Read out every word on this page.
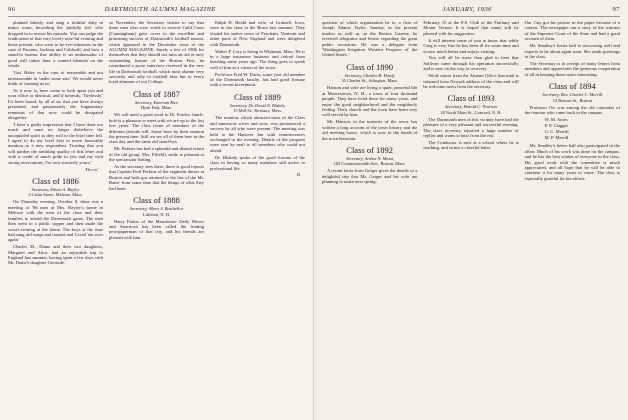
96	DARTMOUTH ALUMNI MAGAZINE

planned bitterly and sang a faithful ditty in minor tones, bewailing the 'pitifully few' who dropped in to rescue his episode. You can judge the vindication of that very lovely note-ful evening and those present, who were to be eye-witnesses in the case of Parsons, Jackson and Caldwell, and how a stand-in bureau that ability is an ambassador of good will rather than a wanted blemish on the whole.

'Gus' Haley in the case of reasonable and not unreasonable in 'under some sets.' We would never think of 'running us in.'

As it now is, have come to look upon you and your office as identical, and if honestly, 'Tirelessly.' It's been found, by all of us, that you have always presented, and passionately the fragmentary remnants of that now could be dissipated altogether.

'I have a guilty impression that I have done too much and must no longer disbelieve the uncapitaled spirit as they will to the brief time left. I agree to do my level best to move honorable mention as a new respondent. Trusting that you will pardon the rambling quality of this letter and with a credit of much pride in you and my own strong reservations, I'm very sincerely yours,'

'Hutch.'
Class of 1886
Secretary, Edwin A. Bayley
4 Cedar Street, Melrose, Mass.

On Thursday evening, October 8, there was a meeting of '86 men at Mrs. Bayley's home in Melrose with the men of the class and their families to attend the Dartmouth game. The men then went to a public supper and then made the social evening at the home. The boys at the time had sung old songs and toasted and 'Lived 'em over again.'

Charles M., Dame and their two daughters, Margaret and Alice, had an enjoyable trip to England last summer, having spent a few days with Mr. Dame's daughter Gertrude.

so November, the Secretary wishes to say that these men who were voted to receive Gold Cross (Cunningham) gave cover to the excellent and promising success of Dartmouth's football season, which appeared in the December issue of the ALUMNI MAGAZINE. Surely a few of 1886 for themselves that they should not miss an old or only outstanding feature of the Boston Post, he contributed a prose interview received in the new life in Dartmouth football, which most alumni very seriously and only to football fans but to every loyal alumnus of our College.

Class of 1887
Secretary, Emerson Rice
Hyde Park, Mass.

We will need a good word to Dr. Fowler, lunch-hole is a pleasure to meet with we are up to the last few years. The class roster of members of the different periods still. Some have by their reunion the present time. Still we see all of them here in the class day and the same old stand-bys.

Mr. Bonner has had a splendid and dismal return of the old group. Mrs. Fifield's smile is pleasant at the spectacular fishing.

As the secretary sees there, there is good reports that Captain Fred Perkins of the regiment dinner at Boston and both got returned to the last of the Mr. Bates' from some time that the things of what they had been.

Class of 1888
Secretary, Albert S. Batchellor
Littleton, N. H.

Harry Parker of the Manchester Daily Mirror and American has been called the leading newspaperman of that city, and his friends are pleased with him.

Ralph H. Heald and wife, of Grinnell, Iowa, were in the class at the Brace last summer. They visited his native town of Peacham, Vermont and other parts of New England and were delighted with Dartmouth.

Walter P. Cory is living in Whitman, Mass. He is in a large insurance business and retired from teaching some years ago. The thing goes to speak well of him as a citizen of the town.

Professor Fred W. Davis, some year old member of the Dartmouth faculty, has had good fortune with a recent investment.

Class of 1889
Secretary, Dr. David N. Blakely
15 Mill St., Roxbury, Mass.

The reunion, which attracted most of the Class and numerous wives and sons, was pronounced a success by all who were present. The meeting was held at the Hanover Inn with reminiscences exchanged in the evening. Details of the program were sent by mail to all members who could not attend.

Dr. Blakely spoke of the good fortune of the class in having so many members still active in professional life.

B.
JANUARY, 1936	97

question of which organization he is, a firm of Joseph Adams Taylor. Sunday, in the present market as well as on the Boston Gazette, he received telegrams and letters regarding the great public occasions. He was a delegate from 'Washington Irrigation Western Progress of the United States.'

Class of 1890
Secretary, Charles H. Hardy
35 Charles St., Arlington, Mass.

Hanson and wife are living a quiet, peaceful life at Moorestown, N. H., a town of four thousand people. They have lived there for many years, and enjoy the good neighborhood and the neighborly feeling. Their church and the town have been very well served by him.

Mr. Hanson, in the interests of the town, has written a long account of the town history and the old meeting house, which is now in the hands of the town historian.

Class of 1892
Secretary, Arthur N. Minot
183 Commonwealth Ave., Boston, Mass.

A recent letter from Geiger gives the details of a delightful trip that Mr. Geiger and his wife are planning to make next spring.

February 15 at the F.S. Club of the Fairbury and Mount Vernon. It is hoped that many will be pleased with his suggestion.

It will interest some of you to know that while Greg is very fine he has been ill for some time and is now much better and enjoys visiting.

You will all be more than glad to hear that Sullivan came through his operation successfully and is now on the way to recovery.

Word comes from the Alumni Office that mail is returned from Newark address of the class and will be welcome news from the secretary.

Class of 1893
Secretary, Harold C. Pearson
20 North Main St., Concord, N. H.

The Dartmouth men of this vicinity have had the pleasure of a very pleasant and successful evening. The class secretary reported a large number of replies and wants to hear from the rest.

The Conductor is now at a school where he is teaching, and writes a cheerful letter.

Our Guy got his picture in the paper because of a contest. The newspaper ran a story of the winners of the Supreme Court of the State and had a good account of them.

Mr. Smalley's better half is recovering well and expects to be about again soon. She sends greetings to the class.

The Secretary is in receipt of many letters from members and appreciates the generous cooperation of all in keeping these notes interesting.

Class of 1894
Secretary, Rev. Charles C. Merrill
14 Beacon St., Boston

Professor Orr was among the old comrades of the reunion who came back to the campus.

W. M. Ames
F. P. Clagget
G. C. Merrill
M. P. Merrill

Mr. Smalley's better half also participated in the affair. Much of his work was done on the campus, and he has the best wishes of everyone in the class. His good work with the committee is much appreciated, and all hope that he will be able to continue it for many years to come. The class is especially grateful for his efforts.
